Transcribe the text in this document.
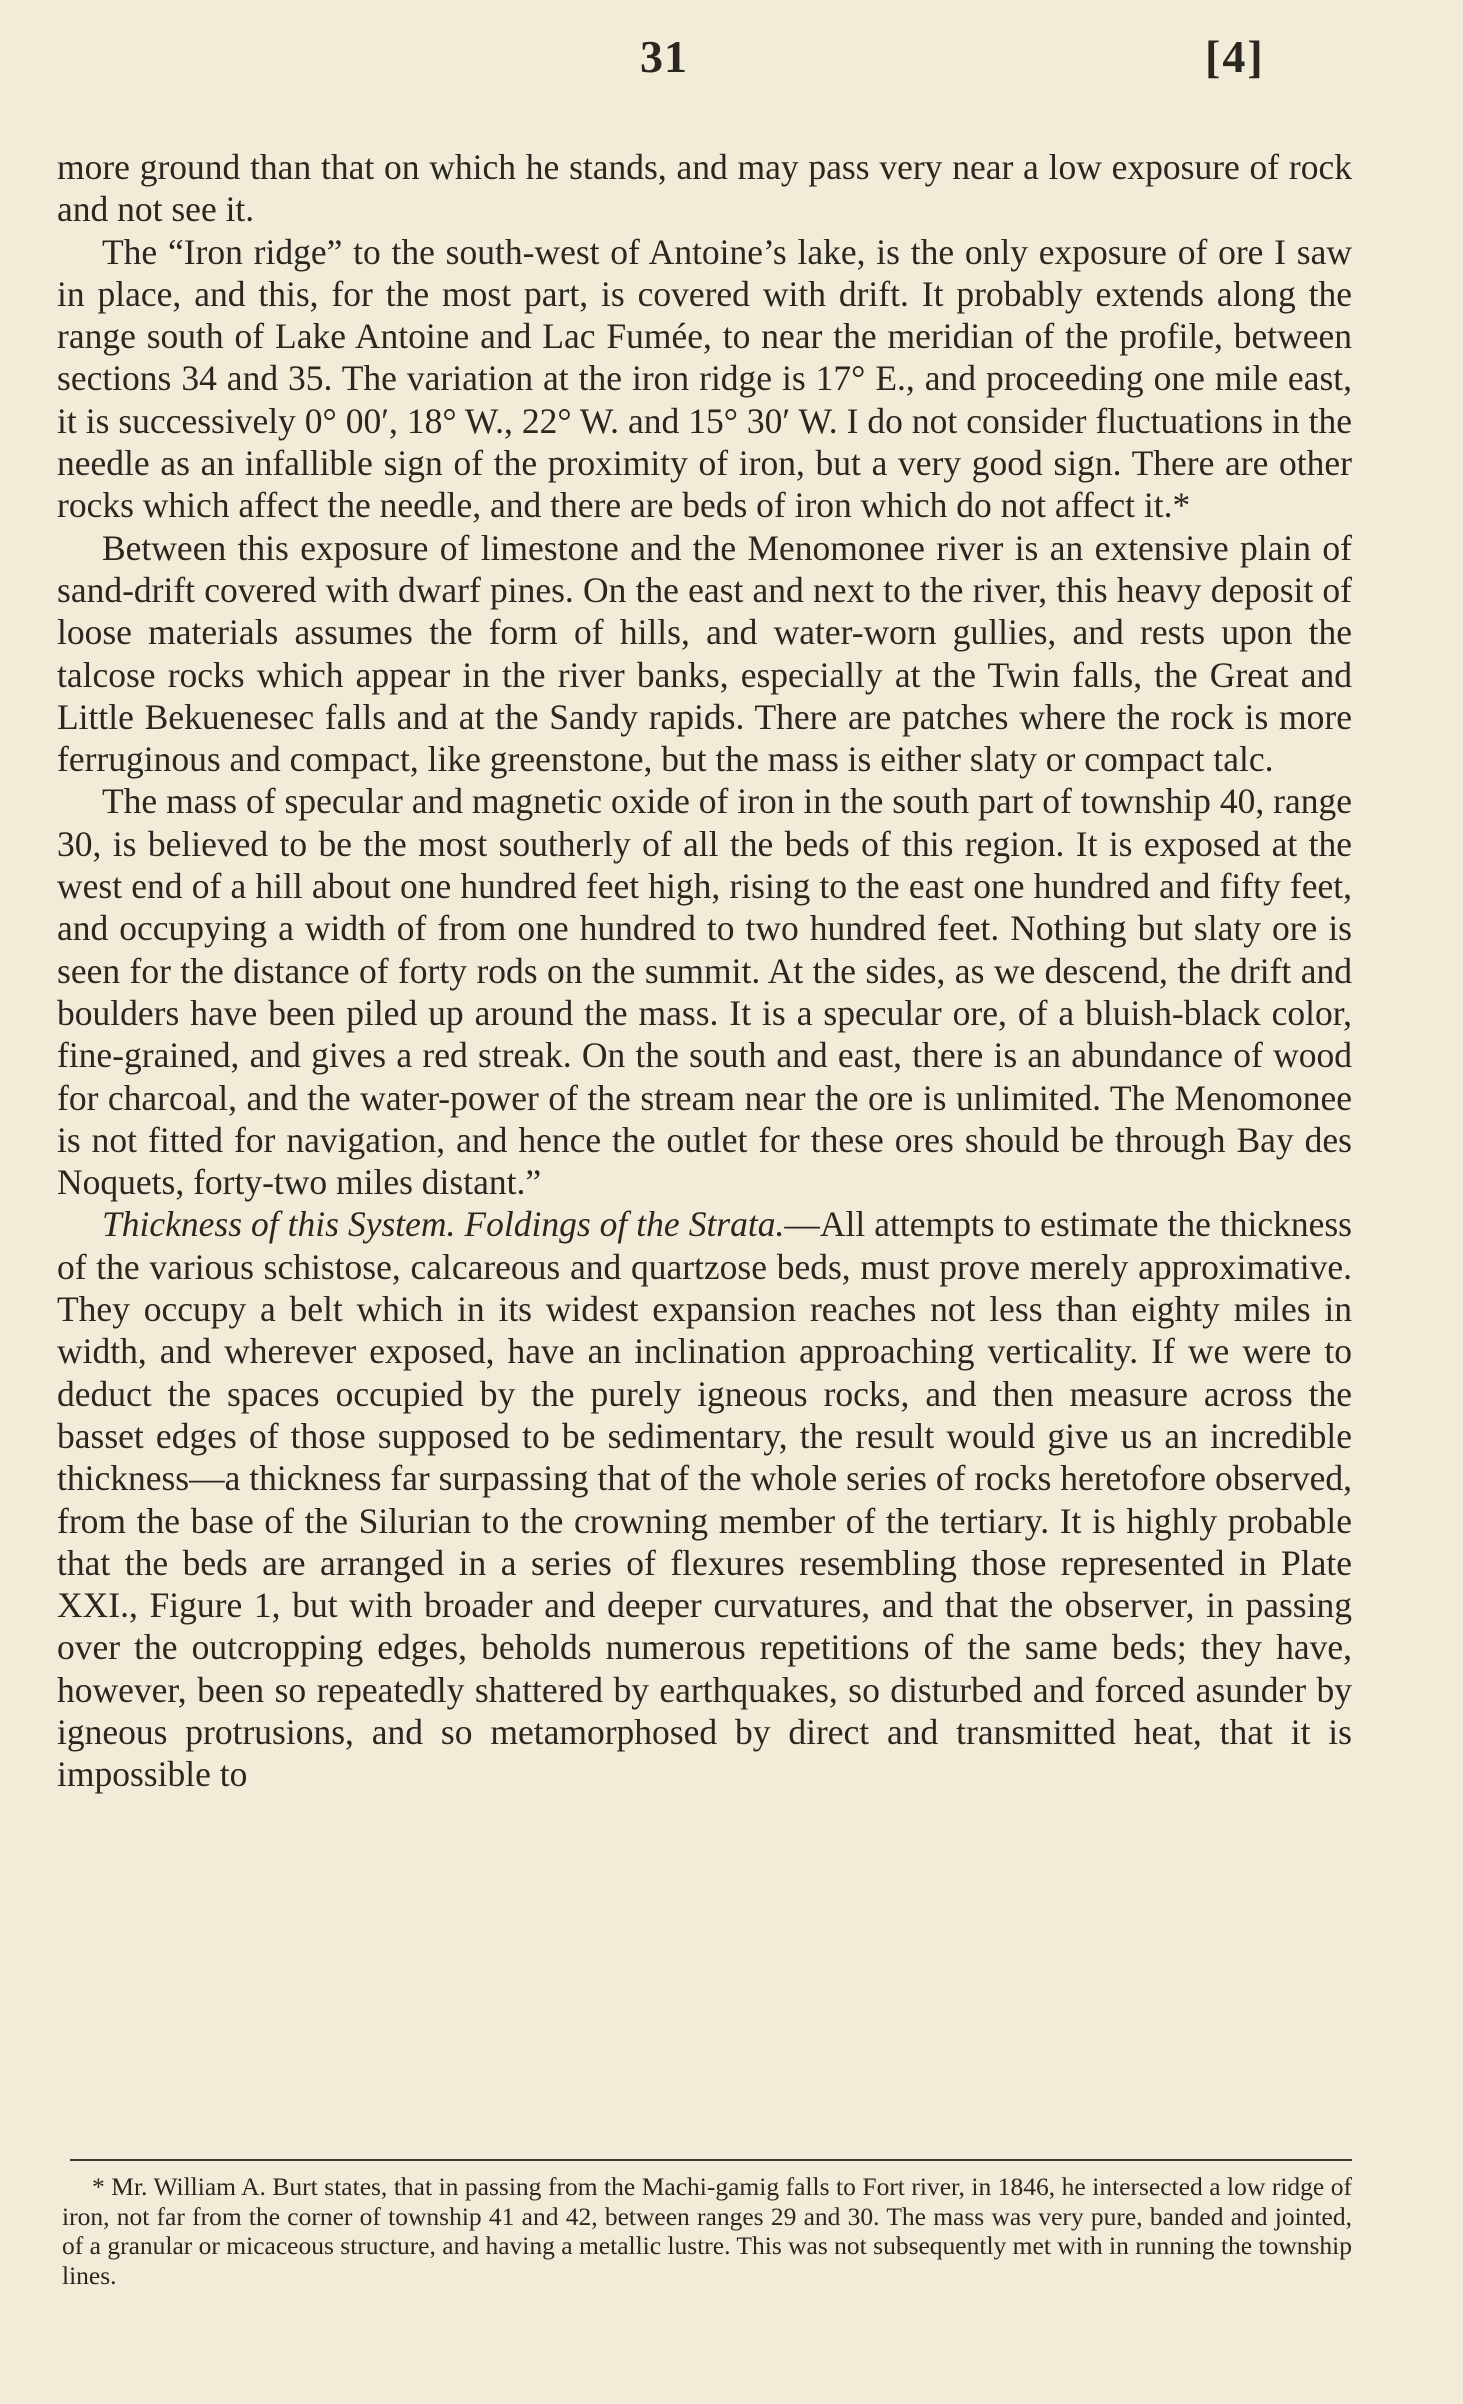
31	[4]

more ground than that on which he stands, and may pass very near a low exposure of rock and not see it.

The “Iron ridge” to the south-west of Antoine’s lake, is the only exposure of ore I saw in place, and this, for the most part, is covered with drift. It probably extends along the range south of Lake Antoine and Lac Fumée, to near the meridian of the profile, between sections 34 and 35. The variation at the iron ridge is 17° E., and proceeding one mile east, it is successively 0° 00′, 18° W., 22° W. and 15° 30′ W. I do not consider fluctuations in the needle as an infallible sign of the proximity of iron, but a very good sign. There are other rocks which affect the needle, and there are beds of iron which do not affect it.*

Between this exposure of limestone and the Menomonee river is an extensive plain of sand-drift covered with dwarf pines. On the east and next to the river, this heavy deposit of loose materials assumes the form of hills, and water-worn gullies, and rests upon the talcose rocks which appear in the river banks, especially at the Twin falls, the Great and Little Bekuenesec falls and at the Sandy rapids. There are patches where the rock is more ferruginous and compact, like greenstone, but the mass is either slaty or compact talc.

The mass of specular and magnetic oxide of iron in the south part of township 40, range 30, is believed to be the most southerly of all the beds of this region. It is exposed at the west end of a hill about one hundred feet high, rising to the east one hundred and fifty feet, and occupying a width of from one hundred to two hundred feet. Nothing but slaty ore is seen for the distance of forty rods on the summit. At the sides, as we descend, the drift and boulders have been piled up around the mass. It is a specular ore, of a bluish-black color, fine-grained, and gives a red streak. On the south and east, there is an abundance of wood for charcoal, and the water-power of the stream near the ore is unlimited. The Menomonee is not fitted for navigation, and hence the outlet for these ores should be through Bay des Noquets, forty-two miles distant.”

Thickness of this System. Foldings of the Strata.—All attempts to estimate the thickness of the various schistose, calcareous and quartzose beds, must prove merely approximative. They occupy a belt which in its widest expansion reaches not less than eighty miles in width, and wherever exposed, have an inclination approaching verticality. If we were to deduct the spaces occupied by the purely igneous rocks, and then measure across the basset edges of those supposed to be sedimentary, the result would give us an incredible thickness—a thickness far surpassing that of the whole series of rocks heretofore observed, from the base of the Silurian to the crowning member of the tertiary. It is highly probable that the beds are arranged in a series of flexures resembling those represented in Plate XXI., Figure 1, but with broader and deeper curvatures, and that the observer, in passing over the outcropping edges, beholds numerous repetitions of the same beds; they have, however, been so repeatedly shattered by earthquakes, so disturbed and forced asunder by igneous protrusions, and so metamorphosed by direct and transmitted heat, that it is impossible to

* Mr. William A. Burt states, that in passing from the Machi-gamig falls to Fort river, in 1846, he intersected a low ridge of iron, not far from the corner of township 41 and 42, between ranges 29 and 30. The mass was very pure, banded and jointed, of a granular or micaceous structure, and having a metallic lustre. This was not subsequently met with in running the township lines.
